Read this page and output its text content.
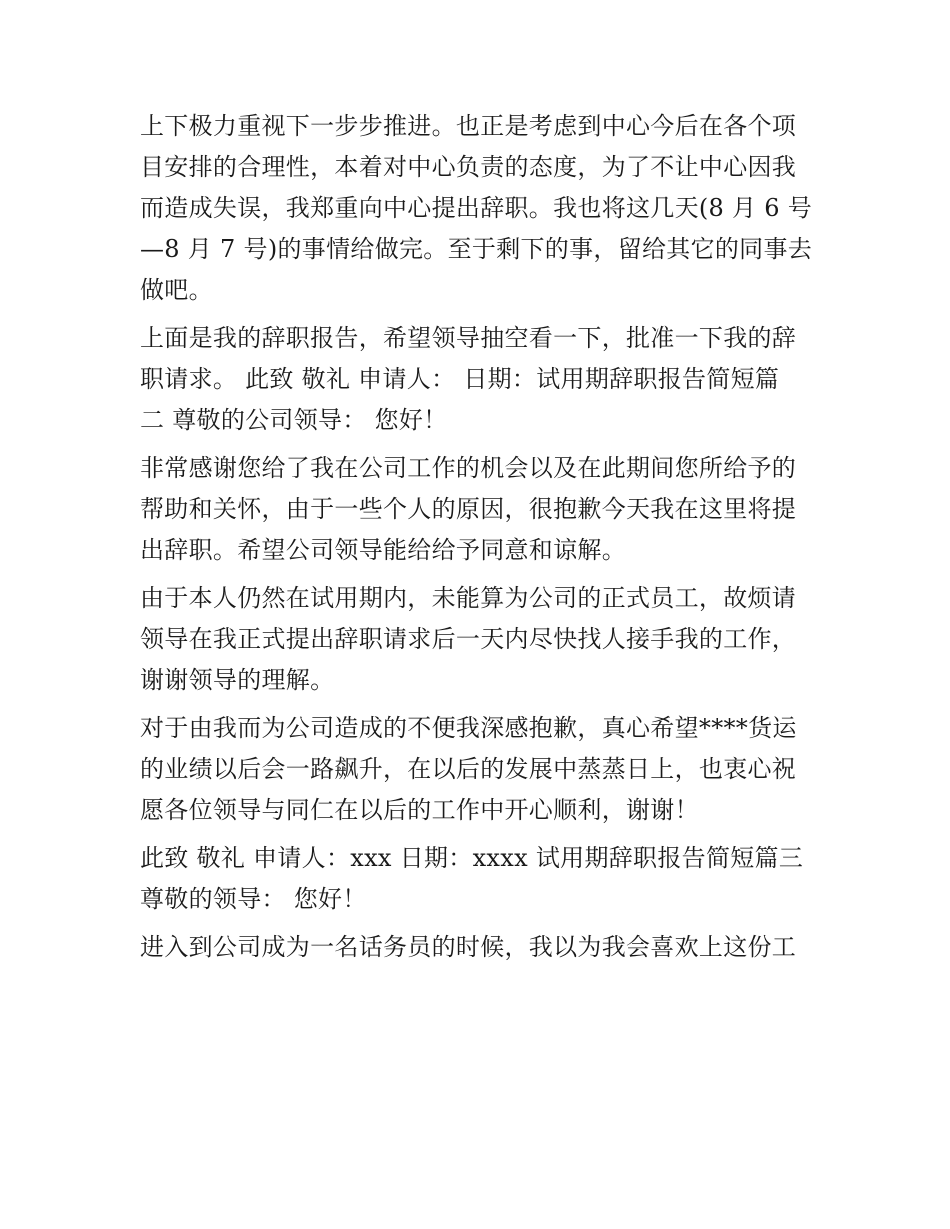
上下极力重视下一步步推进。也正是考虑到中心今后在各个项
目安排的合理性，本着对中心负责的态度，为了不让中心因我
而造成失误，我郑重向中心提出辞职。我也将这几天(8 月 6 号
—8 月 7 号)的事情给做完。至于剩下的事，留给其它的同事去
做吧。
上面是我的辞职报告，希望领导抽空看一下，批准一下我的辞
职请求。 此致 敬礼 申请人： 日期：试用期辞职报告简短篇
二 尊敬的公司领导： 您好！
非常感谢您给了我在公司工作的机会以及在此期间您所给予的
帮助和关怀，由于一些个人的原因，很抱歉今天我在这里将提
出辞职。希望公司领导能给给予同意和谅解。
由于本人仍然在试用期内，未能算为公司的正式员工，故烦请
领导在我正式提出辞职请求后一天内尽快找人接手我的工作，
谢谢领导的理解。
对于由我而为公司造成的不便我深感抱歉，真心希望****货运
的业绩以后会一路飙升，在以后的发展中蒸蒸日上，也衷心祝
愿各位领导与同仁在以后的工作中开心顺利，谢谢！
此致 敬礼 申请人：xxx 日期：xxxx 试用期辞职报告简短篇三
尊敬的领导： 您好！
进入到公司成为一名话务员的时候，我以为我会喜欢上这份工
